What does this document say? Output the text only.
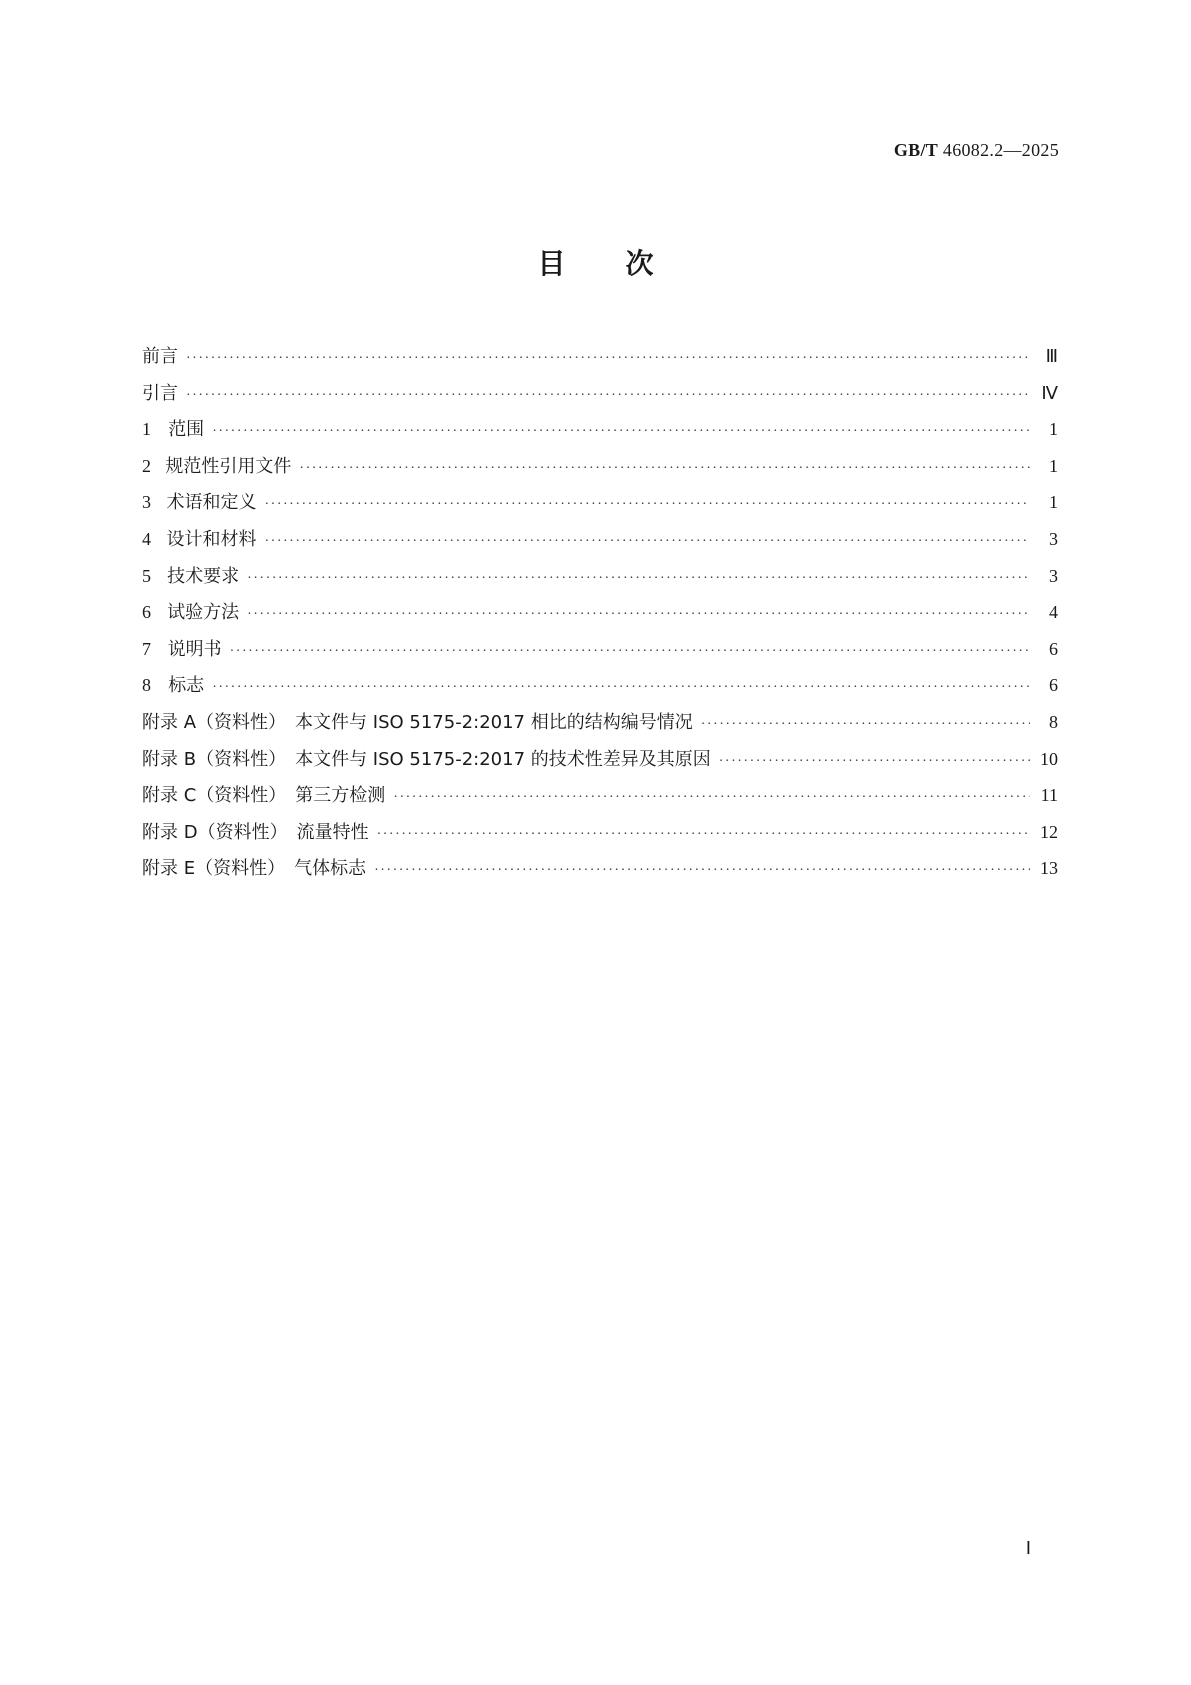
GB/T 46082.2—2025
目 次
前言 ·····	Ⅲ
引言 ·····	Ⅳ
1 范围 ·····	1
2 规范性引用文件 ·····	1
3 术语和定义 ·····	1
4 设计和材料 ·····	3
5 技术要求 ·····	3
6 试验方法 ·····	4
7 说明书 ·····	6
8 标志 ·····	6
附录 A（资料性）　本文件与 ISO 5175-2:2017 相比的结构编号情况 ·····	8
附录 B（资料性）　本文件与 ISO 5175-2:2017 的技术性差异及其原因 ·····	10
附录 C（资料性）　第三方检测 ·····	11
附录 D（资料性）　流量特性 ·····	12
附录 E（资料性）　气体标志 ·····	13
Ⅰ
